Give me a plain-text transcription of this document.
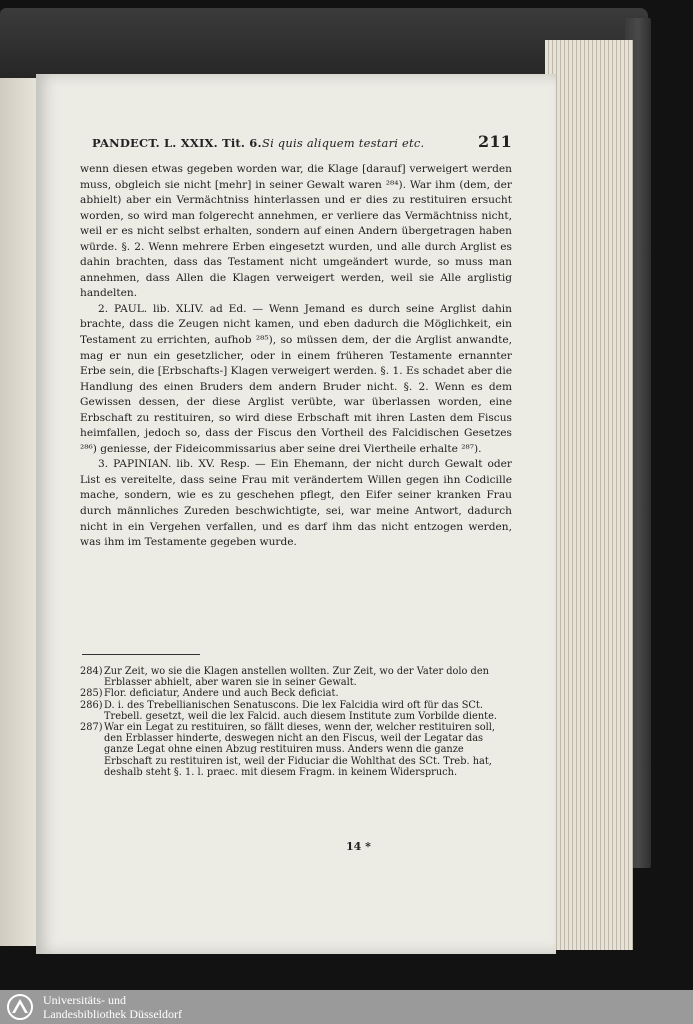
PANDECT. L. XXIX. Tit. 6. Si quis aliquem testari etc.	211

wenn diesen etwas gegeben worden war, die Klage [darauf] verweigert werden muss, obgleich sie nicht [mehr] in seiner Gewalt waren ²⁸⁴). War ihm (dem, der abhielt) aber ein Vermächtniss hinterlassen und er dies zu restituiren ersucht worden, so wird man folgerecht annehmen, er verliere das Vermächtniss nicht, weil er es nicht selbst erhalten, sondern auf einen Andern übergetragen haben würde. §. 2. Wenn mehrere Erben eingesetzt wurden, und alle durch Arglist es dahin brachten, dass das Testament nicht umgeändert wurde, so muss man annehmen, dass Allen die Klagen verweigert werden, weil sie Alle arglistig handelten.

2. PAUL. lib. XLIV. ad Ed. — Wenn Jemand es durch seine Arglist dahin brachte, dass die Zeugen nicht kamen, und eben dadurch die Möglichkeit, ein Testament zu errichten, aufhob ²⁸⁵), so müssen dem, der die Arglist anwandte, mag er nun ein gesetzlicher, oder in einem früheren Testamente ernannter Erbe sein, die [Erbschafts-] Klagen verweigert werden. §. 1. Es schadet aber die Handlung des einen Bruders dem andern Bruder nicht. §. 2. Wenn es dem Gewissen dessen, der diese Arglist verübte, war überlassen worden, eine Erbschaft zu restituiren, so wird diese Erbschaft mit ihren Lasten dem Fiscus heimfallen, jedoch so, dass der Fiscus den Vortheil des Falcidischen Gesetzes ²⁸⁶) geniesse, der Fideicommissarius aber seine drei Viertheile erhalte ²⁸⁷).

3. PAPINIAN. lib. XV. Resp. — Ein Ehemann, der nicht durch Gewalt oder List es vereitelte, dass seine Frau mit verändertem Willen gegen ihn Codicille mache, sondern, wie es zu geschehen pflegt, den Eifer seiner kranken Frau durch männliches Zureden beschwichtigte, sei, war meine Antwort, dadurch nicht in ein Vergehen verfallen, und es darf ihm das nicht entzogen werden, was ihm im Testamente gegeben wurde.

284) Zur Zeit, wo sie die Klagen anstellen wollten. Zur Zeit, wo der Vater dolo den Erblasser abhielt, aber waren sie in seiner Gewalt.
285) Flor. deficiatur, Andere und auch Beck deficiat.
286) D. i. des Trebellianischen Senatuscons. Die lex Falcidia wird oft für das SCt. Trebell. gesetzt, weil die lex Falcid. auch diesem Institute zum Vorbilde diente.
287) War ein Legat zu restituiren, so fällt dieses, wenn der, welcher restituiren soll, den Erblasser hinderte, deswegen nicht an den Fiscus, weil der Legatar das ganze Legat ohne einen Abzug restituiren muss. Anders wenn die ganze Erbschaft zu restituiren ist, weil der Fiduciar die Wohlthat des SCt. Treb. hat, deshalb steht §. 1. l. praec. mit diesem Fragm. in keinem Widerspruch.
14 *
Universitäts- und
Landesbibliothek Düsseldorf
